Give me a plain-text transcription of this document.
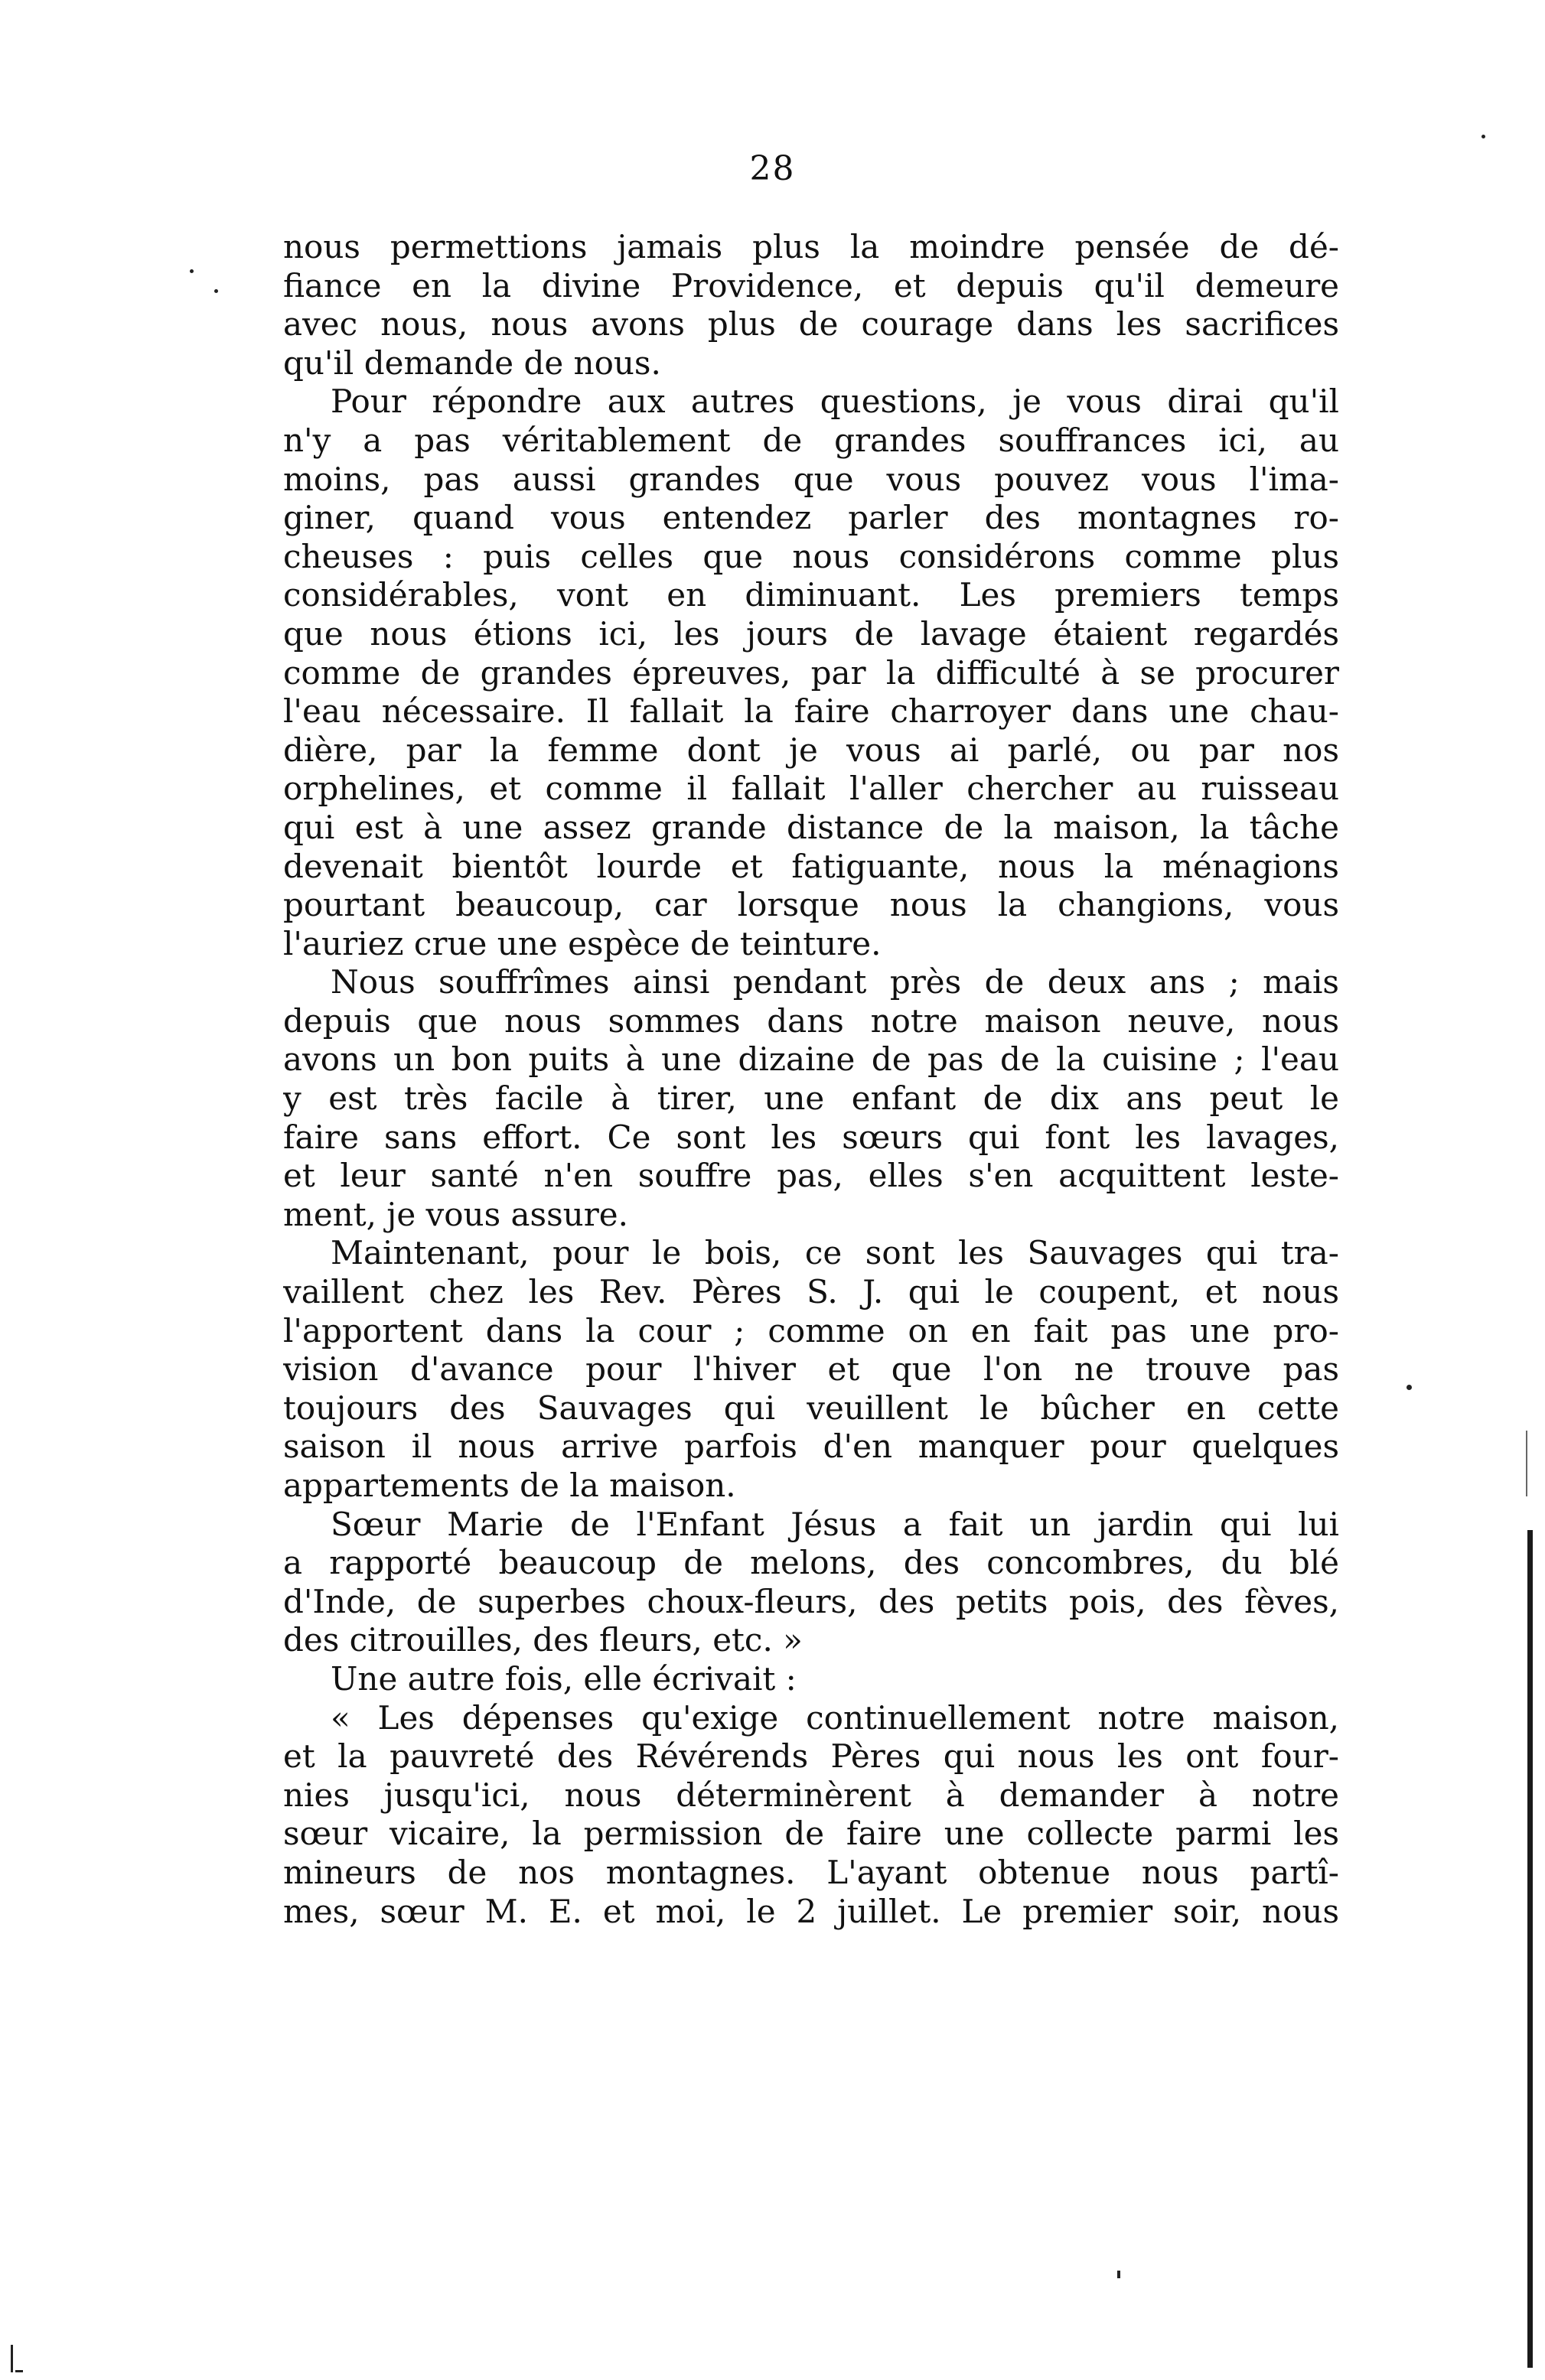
28
nous permettions jamais plus la moindre pensée de dé-
fiance en la divine Providence, et depuis qu'il demeure
avec nous, nous avons plus de courage dans les sacrifices
qu'il demande de nous.
Pour répondre aux autres questions, je vous dirai qu'il
n'y a pas véritablement de grandes souffrances ici, au
moins, pas aussi grandes que vous pouvez vous l'ima-
giner, quand vous entendez parler des montagnes ro-
cheuses : puis celles que nous considérons comme plus
considérables, vont en diminuant. Les premiers temps
que nous étions ici, les jours de lavage étaient regardés
comme de grandes épreuves, par la difficulté à se procurer
l'eau nécessaire. Il fallait la faire charroyer dans une chau-
dière, par la femme dont je vous ai parlé, ou par nos
orphelines, et comme il fallait l'aller chercher au ruisseau
qui est à une assez grande distance de la maison, la tâche
devenait bientôt lourde et fatiguante, nous la ménagions
pourtant beaucoup, car lorsque nous la changions, vous
l'auriez crue une espèce de teinture.
Nous souffrîmes ainsi pendant près de deux ans ; mais
depuis que nous sommes dans notre maison neuve, nous
avons un bon puits à une dizaine de pas de la cuisine ; l'eau
y est très facile à tirer, une enfant de dix ans peut le
faire sans effort. Ce sont les sœurs qui font les lavages,
et leur santé n'en souffre pas, elles s'en acquittent leste-
ment, je vous assure.
Maintenant, pour le bois, ce sont les Sauvages qui tra-
vaillent chez les Rev. Pères S. J. qui le coupent, et nous
l'apportent dans la cour ; comme on en fait pas une pro-
vision d'avance pour l'hiver et que l'on ne trouve pas
toujours des Sauvages qui veuillent le bûcher en cette
saison il nous arrive parfois d'en manquer pour quelques
appartements de la maison.
Sœur Marie de l'Enfant Jésus a fait un jardin qui lui
a rapporté beaucoup de melons, des concombres, du blé
d'Inde, de superbes choux-fleurs, des petits pois, des fèves,
des citrouilles, des fleurs, etc. »
Une autre fois, elle écrivait :
« Les dépenses qu'exige continuellement notre maison,
et la pauvreté des Révérends Pères qui nous les ont four-
nies jusqu'ici, nous déterminèrent à demander à notre
sœur vicaire, la permission de faire une collecte parmi les
mineurs de nos montagnes. L'ayant obtenue nous partî-
mes, sœur M. E. et moi, le 2 juillet. Le premier soir, nous
